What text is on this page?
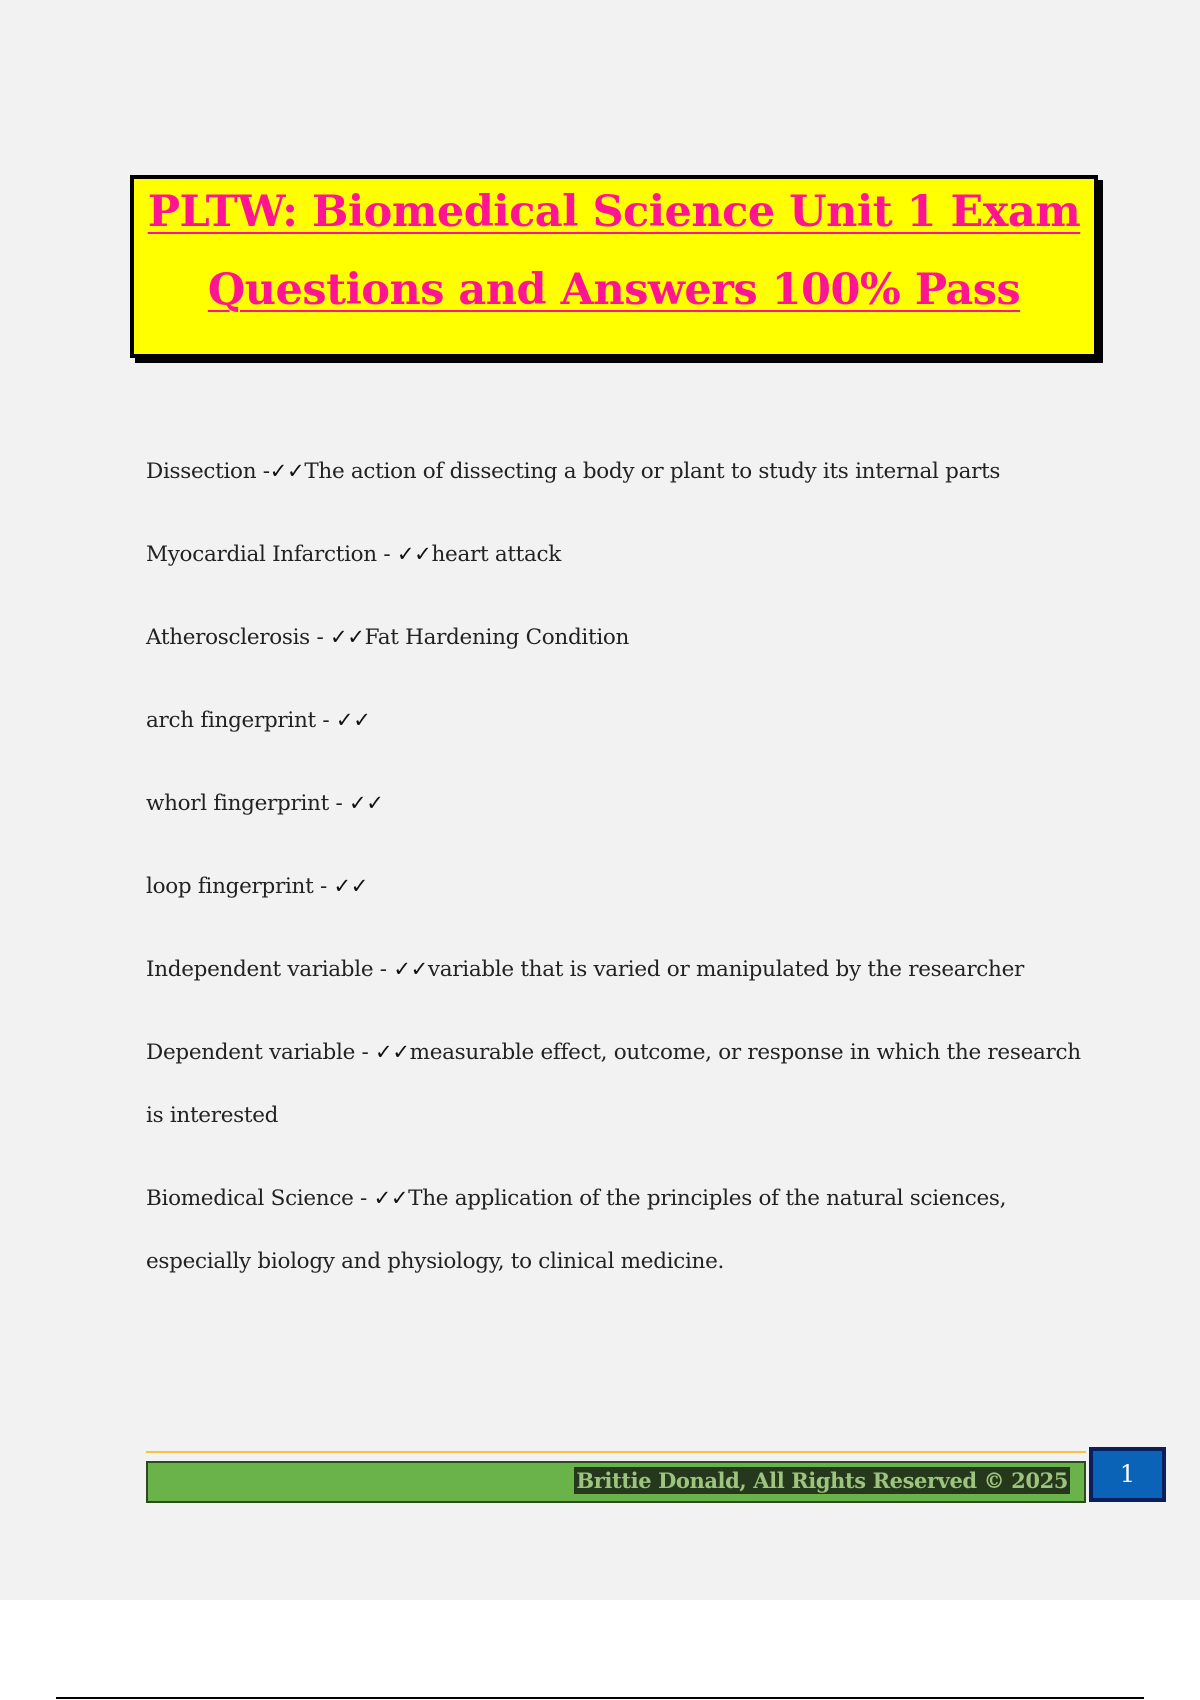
PLTW: Biomedical Science Unit 1 Exam
Questions and Answers 100% Pass
Dissection -✓✓The action of dissecting a body or plant to study its internal parts
Myocardial Infarction - ✓✓heart attack
Atherosclerosis - ✓✓Fat Hardening Condition
arch fingerprint - ✓✓
whorl fingerprint - ✓✓
loop fingerprint - ✓✓
Independent variable - ✓✓variable that is varied or manipulated by the researcher
Dependent variable - ✓✓measurable effect, outcome, or response in which the research is interested
Biomedical Science - ✓✓The application of the principles of the natural sciences, especially biology and physiology, to clinical medicine.
Brittie Donald, All Rights Reserved © 2025	1
